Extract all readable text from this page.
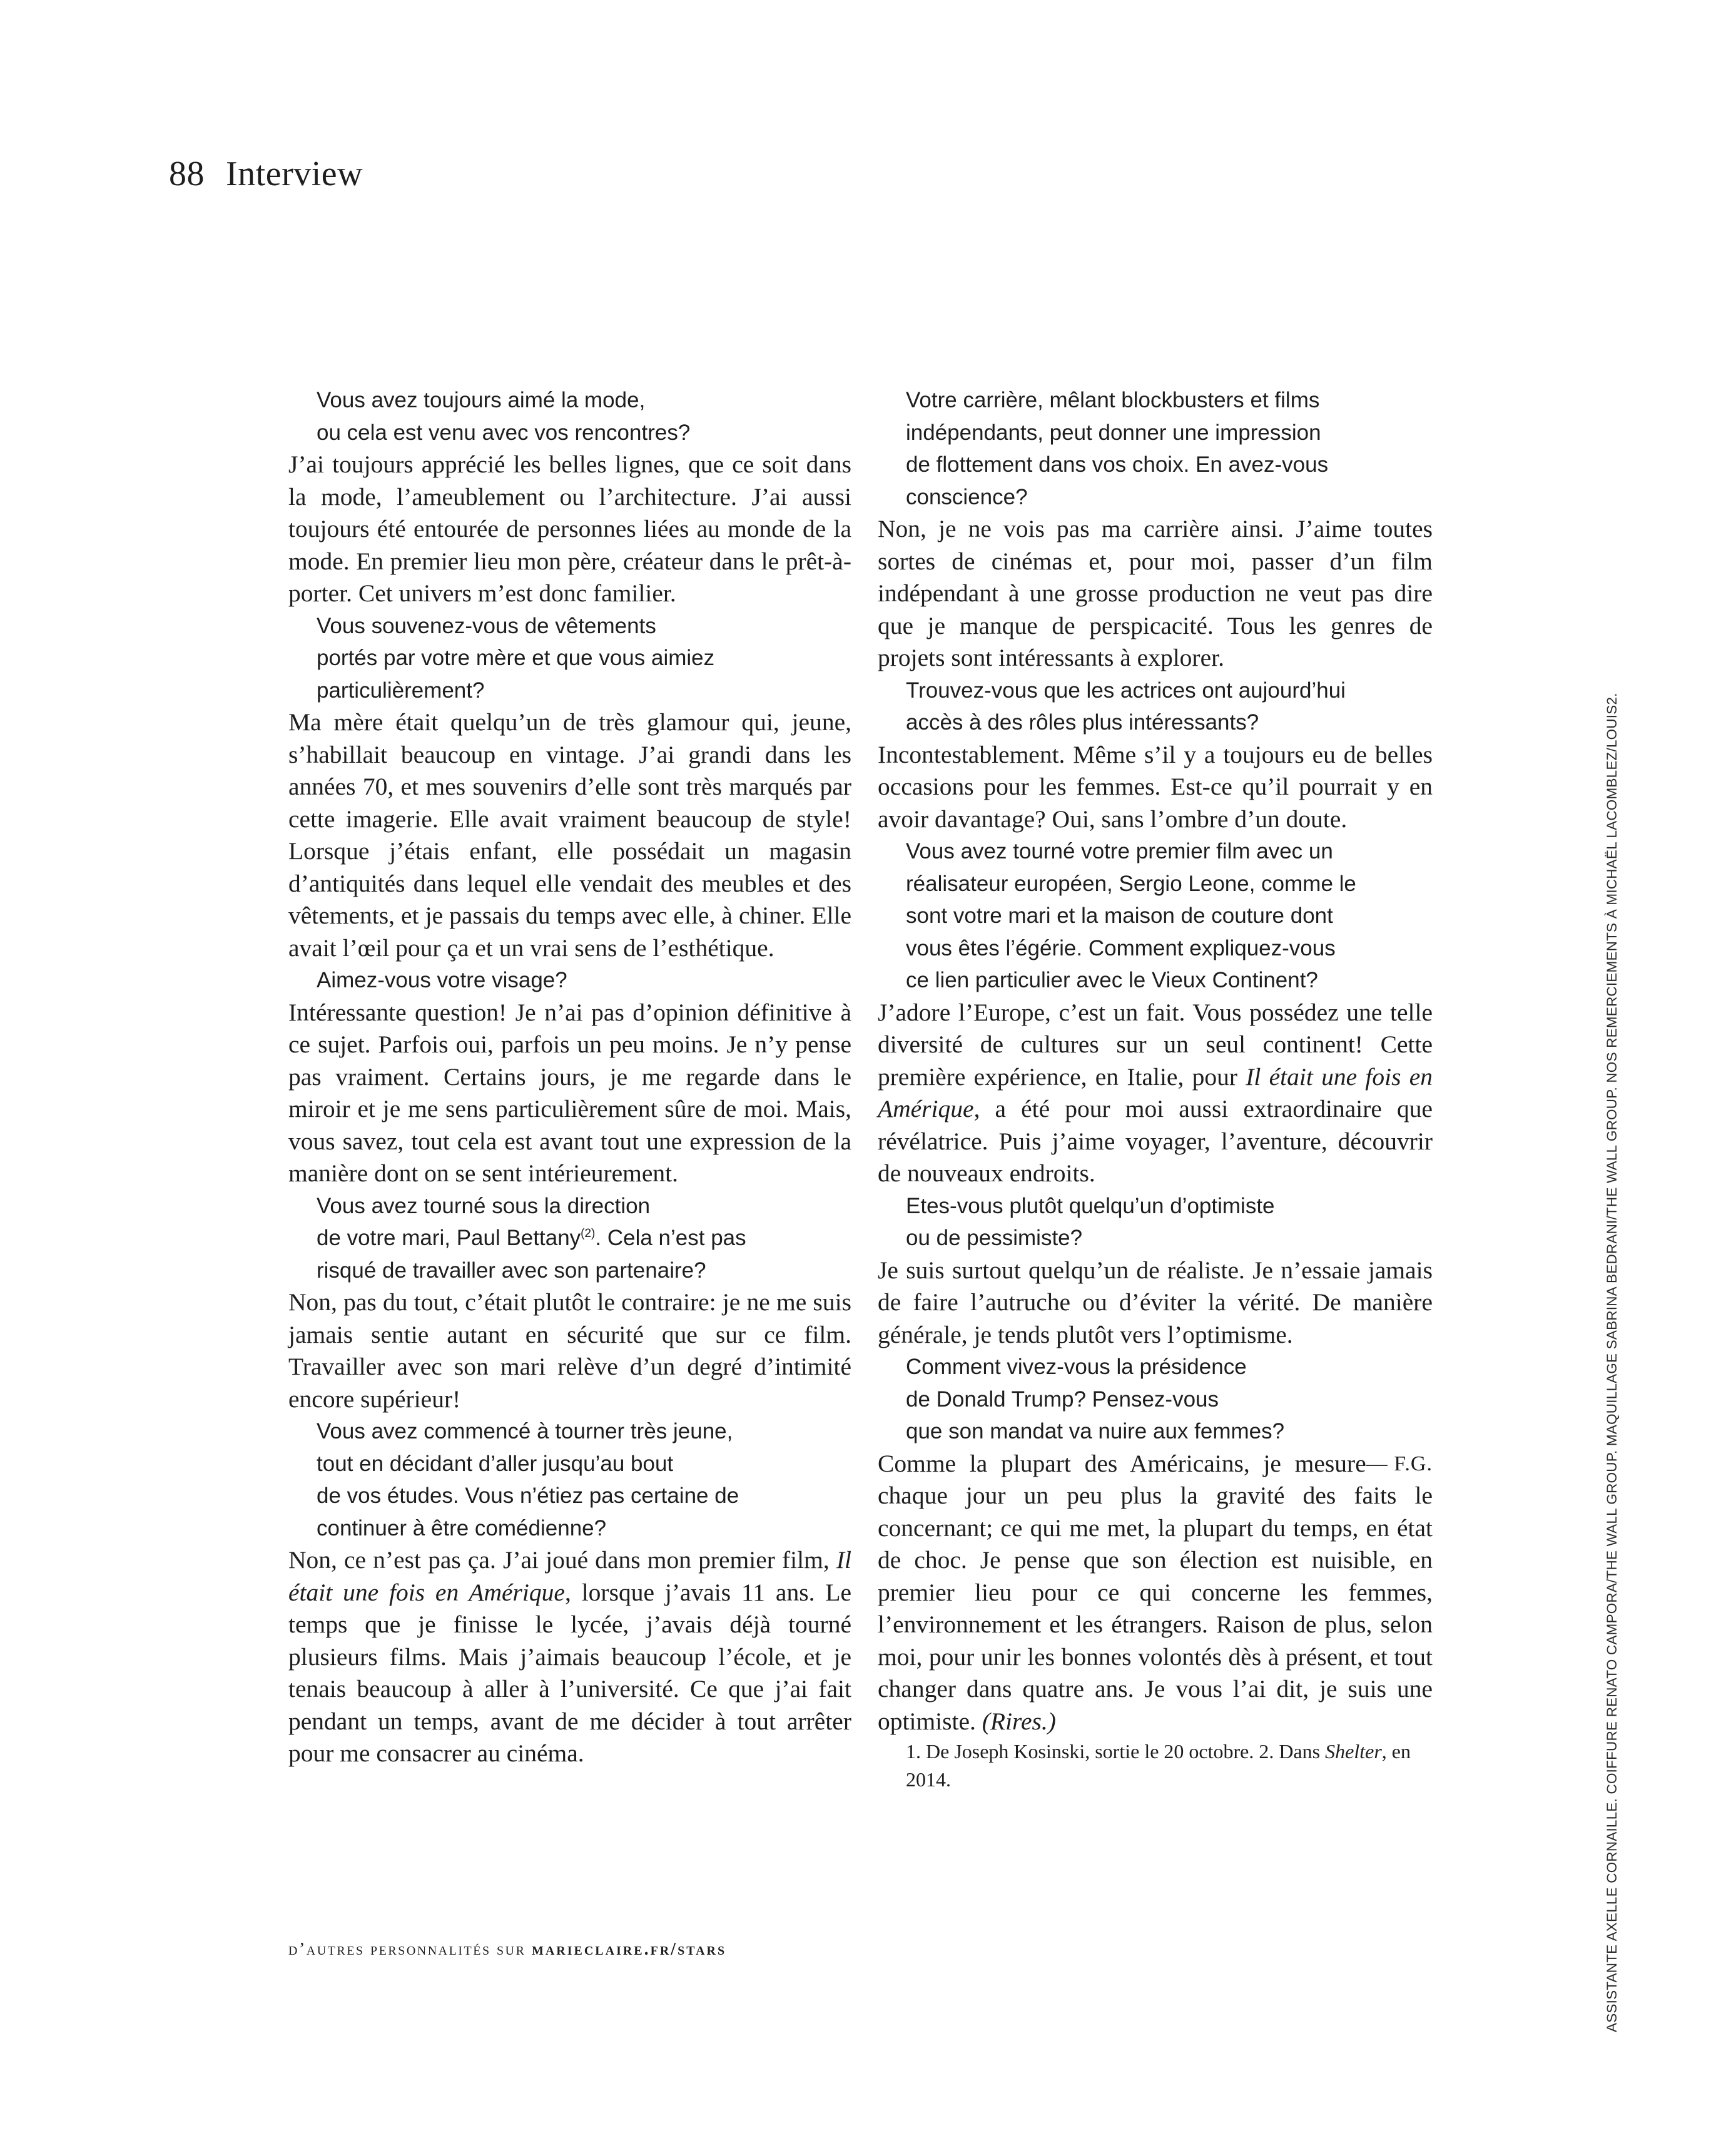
88 Interview

Vous avez toujours aimé la mode,
ou cela est venu avec vos rencontres?

J’ai toujours apprécié les belles lignes, que ce soit dans la mode, l’ameublement ou l’architecture. J’ai aussi toujours été entourée de personnes liées au monde de la mode. En premier lieu mon père, créateur dans le prêt-à-porter. Cet univers m’est donc familier.

Vous souvenez-vous de vêtements
portés par votre mère et que vous aimiez
particulièrement?

Ma mère était quelqu’un de très glamour qui, jeune, s’habillait beaucoup en vintage. J’ai grandi dans les années 70, et mes souvenirs d’elle sont très marqués par cette imagerie. Elle avait vraiment beaucoup de style! Lorsque j’étais enfant, elle possédait un magasin d’antiquités dans lequel elle vendait des meubles et des vêtements, et je passais du temps avec elle, à chiner. Elle avait l’œil pour ça et un vrai sens de l’esthétique.

Aimez-vous votre visage?

Intéressante question! Je n’ai pas d’opinion définitive à ce sujet. Parfois oui, parfois un peu moins. Je n’y pense pas vraiment. Certains jours, je me regarde dans le miroir et je me sens particulièrement sûre de moi. Mais, vous savez, tout cela est avant tout une expression de la manière dont on se sent intérieurement.

Vous avez tourné sous la direction
de votre mari, Paul Bettany$^{(2)}$. Cela n’est pas
risqué de travailler avec son partenaire?

Non, pas du tout, c’était plutôt le contraire: je ne me suis jamais sentie autant en sécurité que sur ce film. Travailler avec son mari relève d’un degré d’intimité encore supérieur!

Vous avez commencé à tourner très jeune,
tout en décidant d’aller jusqu’au bout
de vos études. Vous n’étiez pas certaine de
continuer à être comédienne?

Non, ce n’est pas ça. J’ai joué dans mon premier film, Il était une fois en Amérique, lorsque j’avais 11 ans. Le temps que je finisse le lycée, j’avais déjà tourné plusieurs films. Mais j’aimais beaucoup l’école, et je tenais beaucoup à aller à l’université. Ce que j’ai fait pendant un temps, avant de me décider à tout arrêter pour me consacrer au cinéma.

Votre carrière, mêlant blockbusters et films
indépendants, peut donner une impression
de flottement dans vos choix. En avez-vous
conscience?

Non, je ne vois pas ma carrière ainsi. J’aime toutes sortes de cinémas et, pour moi, passer d’un film indépendant à une grosse production ne veut pas dire que je manque de perspicacité. Tous les genres de projets sont intéressants à explorer.

Trouvez-vous que les actrices ont aujourd’hui
accès à des rôles plus intéressants?

Incontestablement. Même s’il y a toujours eu de belles occasions pour les femmes. Est-ce qu’il pourrait y en avoir davantage? Oui, sans l’ombre d’un doute.

Vous avez tourné votre premier film avec un
réalisateur européen, Sergio Leone, comme le
sont votre mari et la maison de couture dont
vous êtes l’égérie. Comment expliquez-vous
ce lien particulier avec le Vieux Continent?

J’adore l’Europe, c’est un fait. Vous possédez une telle diversité de cultures sur un seul continent! Cette première expérience, en Italie, pour Il était une fois en Amérique, a été pour moi aussi extraordinaire que révélatrice. Puis j’aime voyager, l’aventure, découvrir de nouveaux endroits.

Etes-vous plutôt quelqu’un d’optimiste
ou de pessimiste?

Je suis surtout quelqu’un de réaliste. Je n’essaie jamais de faire l’autruche ou d’éviter la vérité. De manière générale, je tends plutôt vers l’optimisme.

Comment vivez-vous la présidence
de Donald Trump? Pensez-vous
que son mandat va nuire aux femmes?

— F.G.
Comme la plupart des Américains, je mesure chaque jour un peu plus la gravité des faits le concernant; ce qui me met, la plupart du temps, en état de choc. Je pense que son élection est nuisible, en premier lieu pour ce qui concerne les femmes, l’environnement et les étrangers. Raison de plus, selon moi, pour unir les bonnes volontés dès à présent, et tout changer dans quatre ans. Je vous l’ai dit, je suis une optimiste. (Rires.)

1. De Joseph Kosinski, sortie le 20 octobre. 2. Dans Shelter, en 2014.

d’autres personnalités sur marieclaire.fr/stars	ASSISTANTE AXELLE CORNAILLE. COIFFURE RENATO CAMPORA/THE WALL GROUP. MAQUILLAGE SABRINA BEDRANI/THE WALL GROUP. NOS REMERCIEMENTS À MICHAËL LACOMBLEZ/LOUIS2.
